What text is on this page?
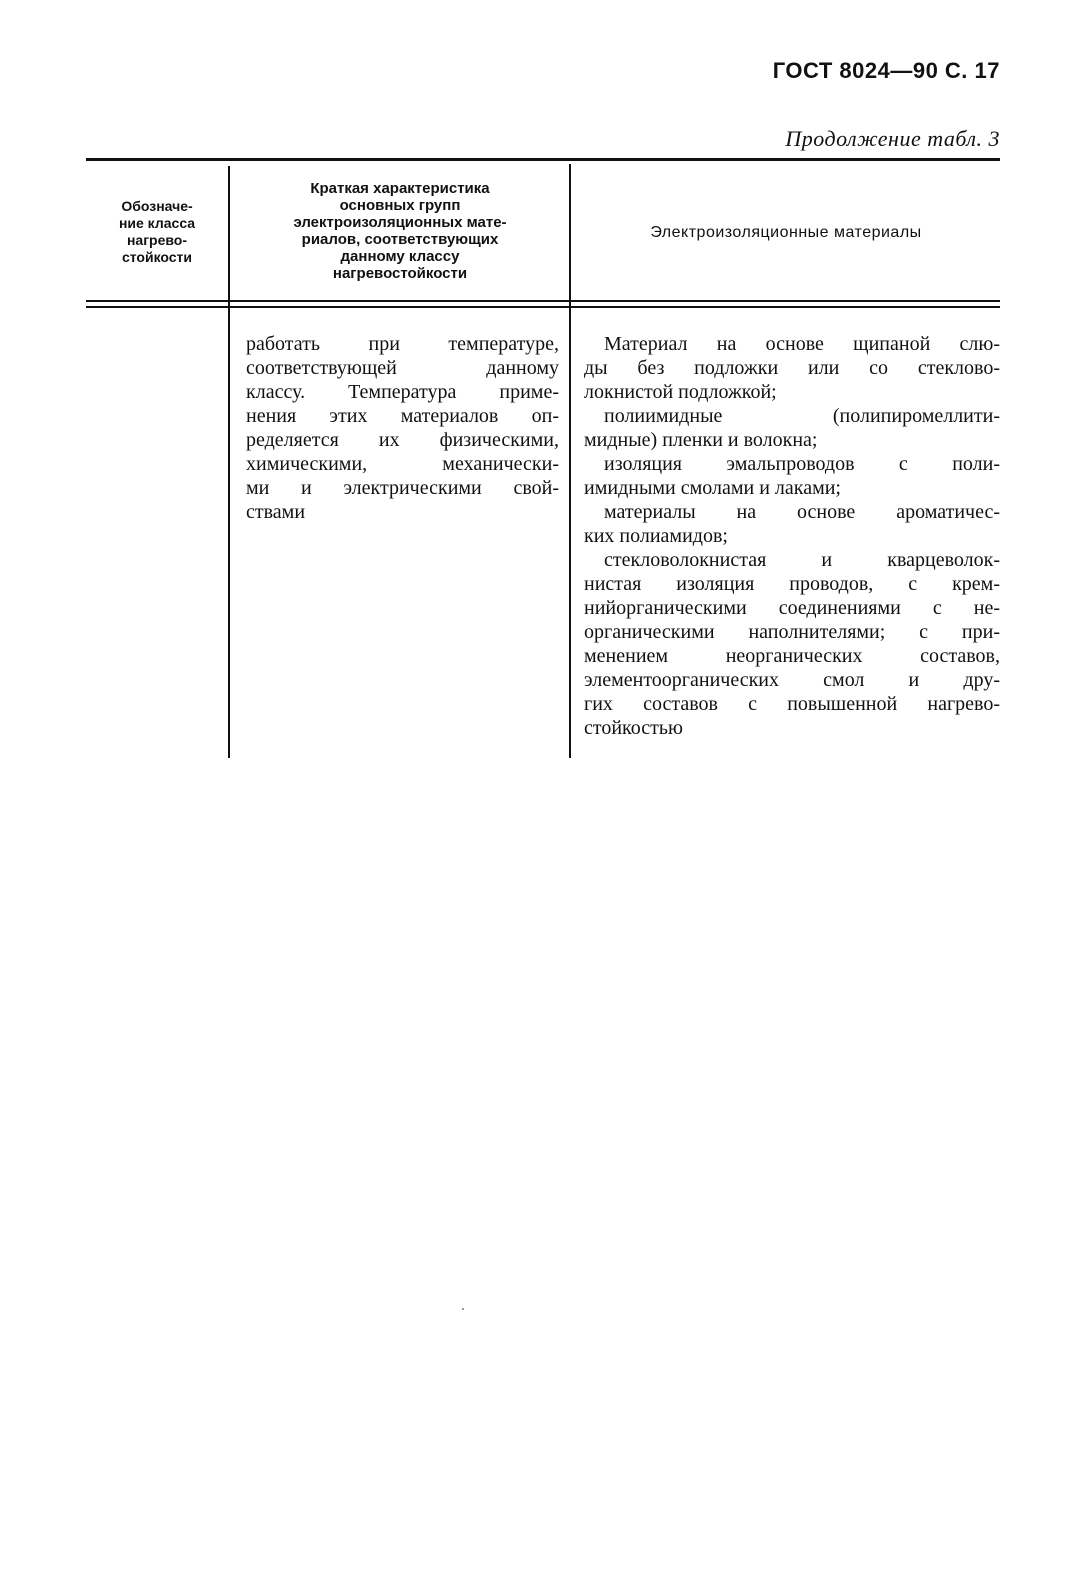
ГОСТ 8024—90 С. 17
Продолжение табл. 3
Обозначе-
ние класса
нагрево-
стойкости
Краткая характеристика
основных групп
электроизоляционных мате-
риалов, соответствующих
данному классу
нагревостойкости
Электроизоляционные материалы
работать при температуре,
соответствующей данному
классу. Температура приме-
нения этих материалов оп-
ределяется их физическими,
химическими, механически-
ми и электрическими свой-
ствами
Материал на основе щипаной слю-
ды без подложки или со стеклово-
локнистой подложкой;
полиимидные (полипиромеллити-
мидные) пленки и волокна;
изоляция эмальпроводов с поли-
имидными смолами и лаками;
материалы на основе ароматичес-
ких полиамидов;
стекловолокнистая и кварцеволок-
нистая изоляция проводов, с крем-
нийорганическими соединениями с не-
органическими наполнителями; с при-
менением неорганических составов,
элементоорганических смол и дру-
гих составов с повышенной нагрево-
стойкостью
